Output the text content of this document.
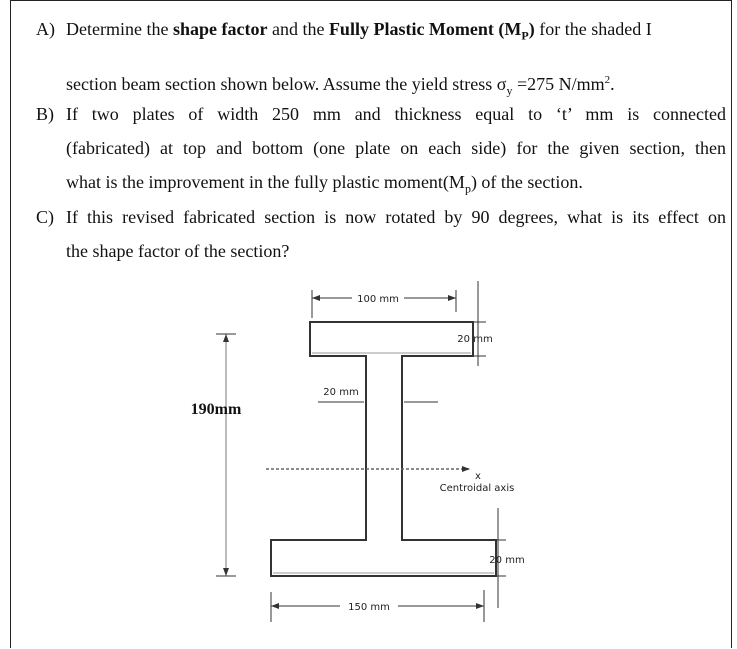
A) Determine the shape factor and the Fully Plastic Moment $(M_P)$ for the shaded I
section beam section shown below. Assume the yield stress $\sigma_y =275$ $N/mm^2$.
B) If two plates of width 250 mm and thickness equal to ‘t’ mm is connected
(fabricated) at top and bottom (one plate on each side) for the given section, then
what is the improvement in the fully plastic $moment(M_p)$ of the section.
C) If this revised fabricated section is now rotated by 90 degrees, what is its effect on
the shape factor of the section?
100 mm
20 mm
20 mm
190mm
x
Centroidal axis
20 mm
150 mm
